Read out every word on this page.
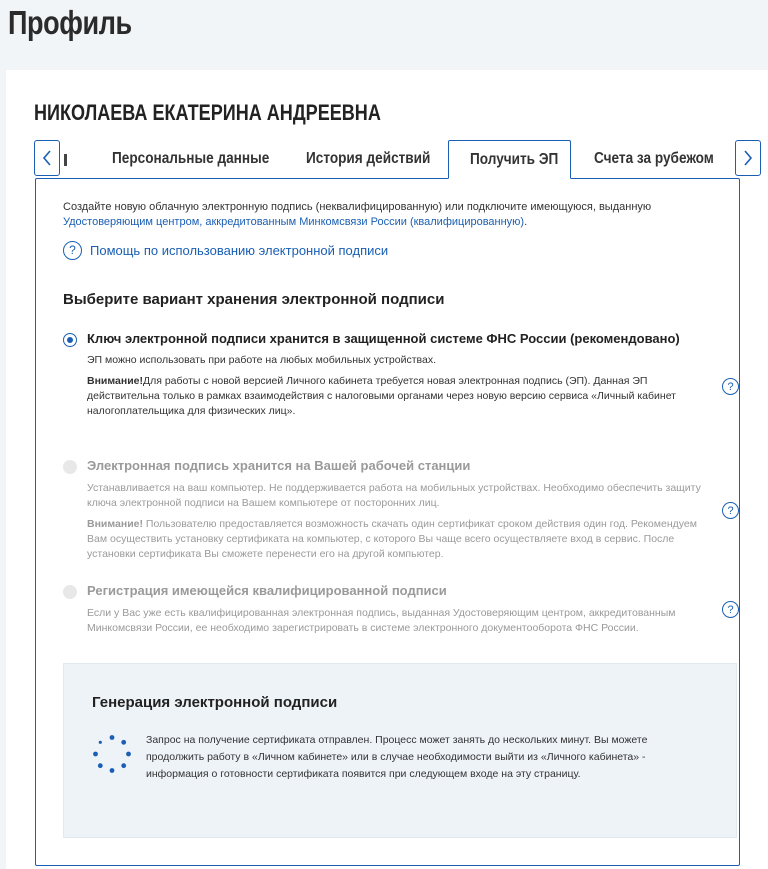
Профиль
НИКОЛАЕВА ЕКАТЕРИНА АНДРЕЕВНА
Персональные данные	История действий	Получить ЭП	Счета за рубежом
Создайте новую облачную электронную подпись (неквалифицированную) или подключите имеющуюся, выданную Удостоверяющим центром, аккредитованным Минкомсвязи России (квалифицированную).
?	Помощь по использованию электронной подписи
Выберите вариант хранения электронной подписи
Ключ электронной подписи хранится в защищенной системе ФНС России (рекомендовано)
ЭП можно использовать при работе на любых мобильных устройствах.
Внимание!Для работы с новой версией Личного кабинета требуется новая электронная подпись (ЭП). Данная ЭП действительна только в рамках взаимодействия с налоговыми органами через новую версию сервиса «Личный кабинет налогоплательщика для физических лиц».
?
Электронная подпись хранится на Вашей рабочей станции
Устанавливается на ваш компьютер. Не поддерживается работа на мобильных устройствах. Необходимо обеспечить защиту ключа электронной подписи на Вашем компьютере от посторонних лиц.
Внимание! Пользователю предоставляется возможность скачать один сертификат сроком действия один год. Рекомендуем Вам осуществить установку сертификата на компьютер, с которого Вы чаще всего осуществляете вход в сервис. После установки сертификата Вы сможете перенести его на другой компьютер.
?
Регистрация имеющейся квалифицированной подписи
Если у Вас уже есть квалифицированная электронная подпись, выданная Удостоверяющим центром, аккредитованным Минкомсвязи России, ее необходимо зарегистрировать в системе электронного документооборота ФНС России.
?
Генерация электронной подписи
Запрос на получение сертификата отправлен. Процесс может занять до нескольких минут. Вы можете продолжить работу в «Личном кабинете» или в случае необходимости выйти из «Личного кабинета» - информация о готовности сертификата появится при следующем входе на эту страницу.
